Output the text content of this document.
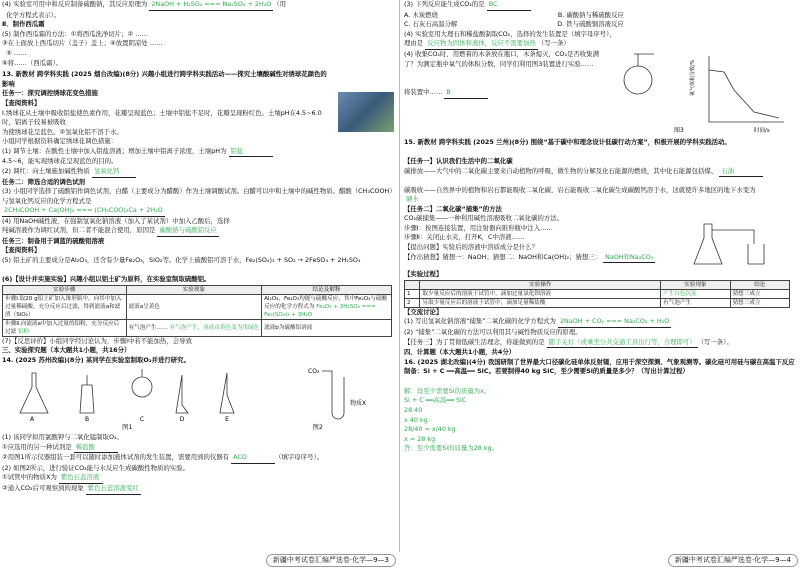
(4) 实验室可用中和反应制备硫酸钠，其反应原理为 2NaOH + H₂SO₄ === Na₂SO₄ + 2H₂O （用

化学方程式表示）。

Ⅱ．制作西瓜霜

(5) 制作西瓜霜的方法：①将西瓜洗净切片；② ……

③在上面放上西瓜切片（盖子）盖上；④放置阴凉处 ……

⑤ ……

⑥将……（西瓜霜）。

13. 新教材 跨学科实践 (2025 烟台改编)(8分) 兴趣小组进行跨学科实践活动——探究土壤酸碱性对绣球花颜色的影响

任务一：探究调控绣球花变色措施

【查阅资料】

I.绣球花从土壤中吸收铝盐使色素作用，花瓣呈现蓝色；土壤中铝盐不足时，花瓣呈现粉红色。土壤pH在4.5~6.0时，铝离子较易被吸收

为使绣球花呈蓝色。②氢氧化铝不溶于水。

小组同学根据资料确定绣球花调色措施：

(1) 调节土壤：在酸性土壤中加入铝盐溶液；增加土壤中铝离子浓度，土壤pH为 铝盐

4.5~6，能实现绣球花呈现蓝色的目的。

(2) 调红：向土壤施加碱性物质 氢氧化钙

任务二：筛选合适的调色试剂

(3) 小组同学选择了硫酸铝作调色试剂，白醋（主要成分为醋酸）作为土壤调酸试剂。白醋可以中和土壤中的碱性物质。醋酸（CH₃COOH）与氢氧化钙反应的化学方程式是

2CH₃COOH + Ca(OH)₂ === (CH₃COO)₂Ca + 2H₂O

(4) 用NaOH碱性液，在强制氢氧化钠溶液（加入了某试剂）中加入乙酸后，选择

纯碱溶液作为调红试剂，但二者不能混合使用，原因是 碳酸钠与硫酸铝反应

任务三：制备用于调蓝的硫酸铝溶液

【查阅资料】

(5) 铝土矿的主要成分是Al₂O₃，还含有少量Fe₂O₃，SiO₂等。化学上硫酸铝可溶于水，Fe₂(SO₄)₃ + SO₂ → 2FeSO₄ + 2H₂SO₄

(6)【设计并实施实验】兴趣小组以铝土矿为原料，在实验室制取硫酸铝。

实验步骤	实验现象	结论及解释
步骤Ⅰ.取20 g铝土矿加入锥形瓶中，向其中加入过量稀硫酸，充分反应后过滤，得到滤液a和滤渣（SiO₂）	滤液a呈黄色	Al₂O₃、Fe₂O₃均能与硫酸反应，其中Fe₂O₃与硫酸反应的化学方程式为 Fe₂O₃ + 3H₂SO₄ === Fe₂(SO₄)₃ + 3H₂O
步骤Ⅱ.向滤液a中加入过量的铝粉，充分反应后过滤 铝粉	有气泡产生…… 有气泡产生，溶液由黄色变为浅绿色	滤液b为硫酸铝溶液

(7)【反思评价】小组同学经讨论认为，步骤Ⅰ中若不能加热，会导致

三、实验探究题（本大题共1小题，共16分）

14. (2025 苏州改编)(8分) 某同学在实验室制取O₂并进行研究。

A	B	C	D	E
CO₂
物质X

图1	图2

(1) 该同学拟用氯酸钾与二氧化锰制取O₂。

①应选用的另一种试剂是 稀盐酸

②用图1所示仪器组装一套可以随时添加液体试剂的发生装置，需要用到的仪器有 ACD	（填字母序号）。

(2) 如图2所示，进行验证CO₂能与水反应生成碳酸性物质的实验。

①试管中的物质X为 紫色石蕊溶液

②通入CO₂后可观察到的现象 紫色石蕊溶液变红

新疆中考试卷汇编严选卷·化学—9—3

(3) 下列反应能生成CO₂的是 BC

A. 木炭燃烧	B. 碳酸钠与稀硫酸反应

C. 石灰石高温分解	D. 铁与硫酸铜溶液反应

(4) 实验室用大理石和稀盐酸制取CO₂，选择的发生装置是（填字母序号），

理由是 反应物为固体和液体，反应不需要加热 （写一条）

(4) 收集CO₂时，用燃着的木条放在瓶口，木条熄灭，CO₂是否收集满了？为测定瓶中氧气的体积分数，同学们利用图3装置进行实验……

将装置中…… B

图3	时间/s
氧气体积分数/%

15. 新教材 跨学科实践 (2025 兰州)(8分) 围绕“基于碳中和理念设计低碳行动方案”，积极开展的学科实践活动。

【任务一】认识我们生活中的二氧化碳

碳排放——大气中的二氧化碳主要来自动植物的呼吸、微生物的分解及化石能源的燃烧，其中化石能源包括煤、 石油

碳吸收——自然界中的植物和岩石都能吸收二氧化碳，岩石能吸收二氧化碳生成碳酸钙溶于水，这就使许多地区的地下水变为 硬水

【任务二】二氧化碳“捕集”的方法

CO₂碳捕集——一种利用碱性溶液吸收二氧化碳的方法。

步骤Ⅰ：按图连接装置，用注射器向锥形瓶中注入……

步骤Ⅱ：关闭止水夹，打开K，C中溶液……

【提出问题】实验后的溶液中溶质成分是什么？

【作出猜想】猜想一：NaOH；猜想二：NaOH和Ca(OH)₂；猜想三： NaOH和Na₂CO₃

【实验过程】

	实验操作	实验现象	结论
1	取少量反应后的溶液于试管中，滴加过量氯化钡溶液	产生白色沉淀	猜想三成立
2	另取少量反应后的溶液于试管中，滴加足量稀盐酸	有气泡产生	猜想三成立

【交流讨论】

(1) 写出氢氧化钠溶液“捕集”二氧化碳的化学方程式为 2NaOH + CO₂ === Na₂CO₃ + H₂O

(2) “捕集”二氧化碳的方法可以利用其与碱性物质反应的原理。

【任务三】为了贯彻低碳生活理念，你能做到的是 随手关灯（或乘坐公共交通工具出行等，合理即可） （写一条）。

四、计算题（本大题共1小题，共4分）

16. (2025 湖北改编)(4分) 我国研制了世界最大口径碳化硅单体反射镜，应用于深空探测、气象观测等。碳化硅可用硅与碳在高温下反应制备：Si + C ══高温══ SiC。若要制得40 kg SiC，至少需要Si的质量是多少？（写出计算过程）

解：设至少需要Si的质量为x。

Si + C ══高温══ SiC

28 40

x 40 kg

28/40 = x/40 kg

x = 28 kg

答：至少需要Si的质量为28 kg。

新疆中考试卷汇编严选卷·化学—9—4
